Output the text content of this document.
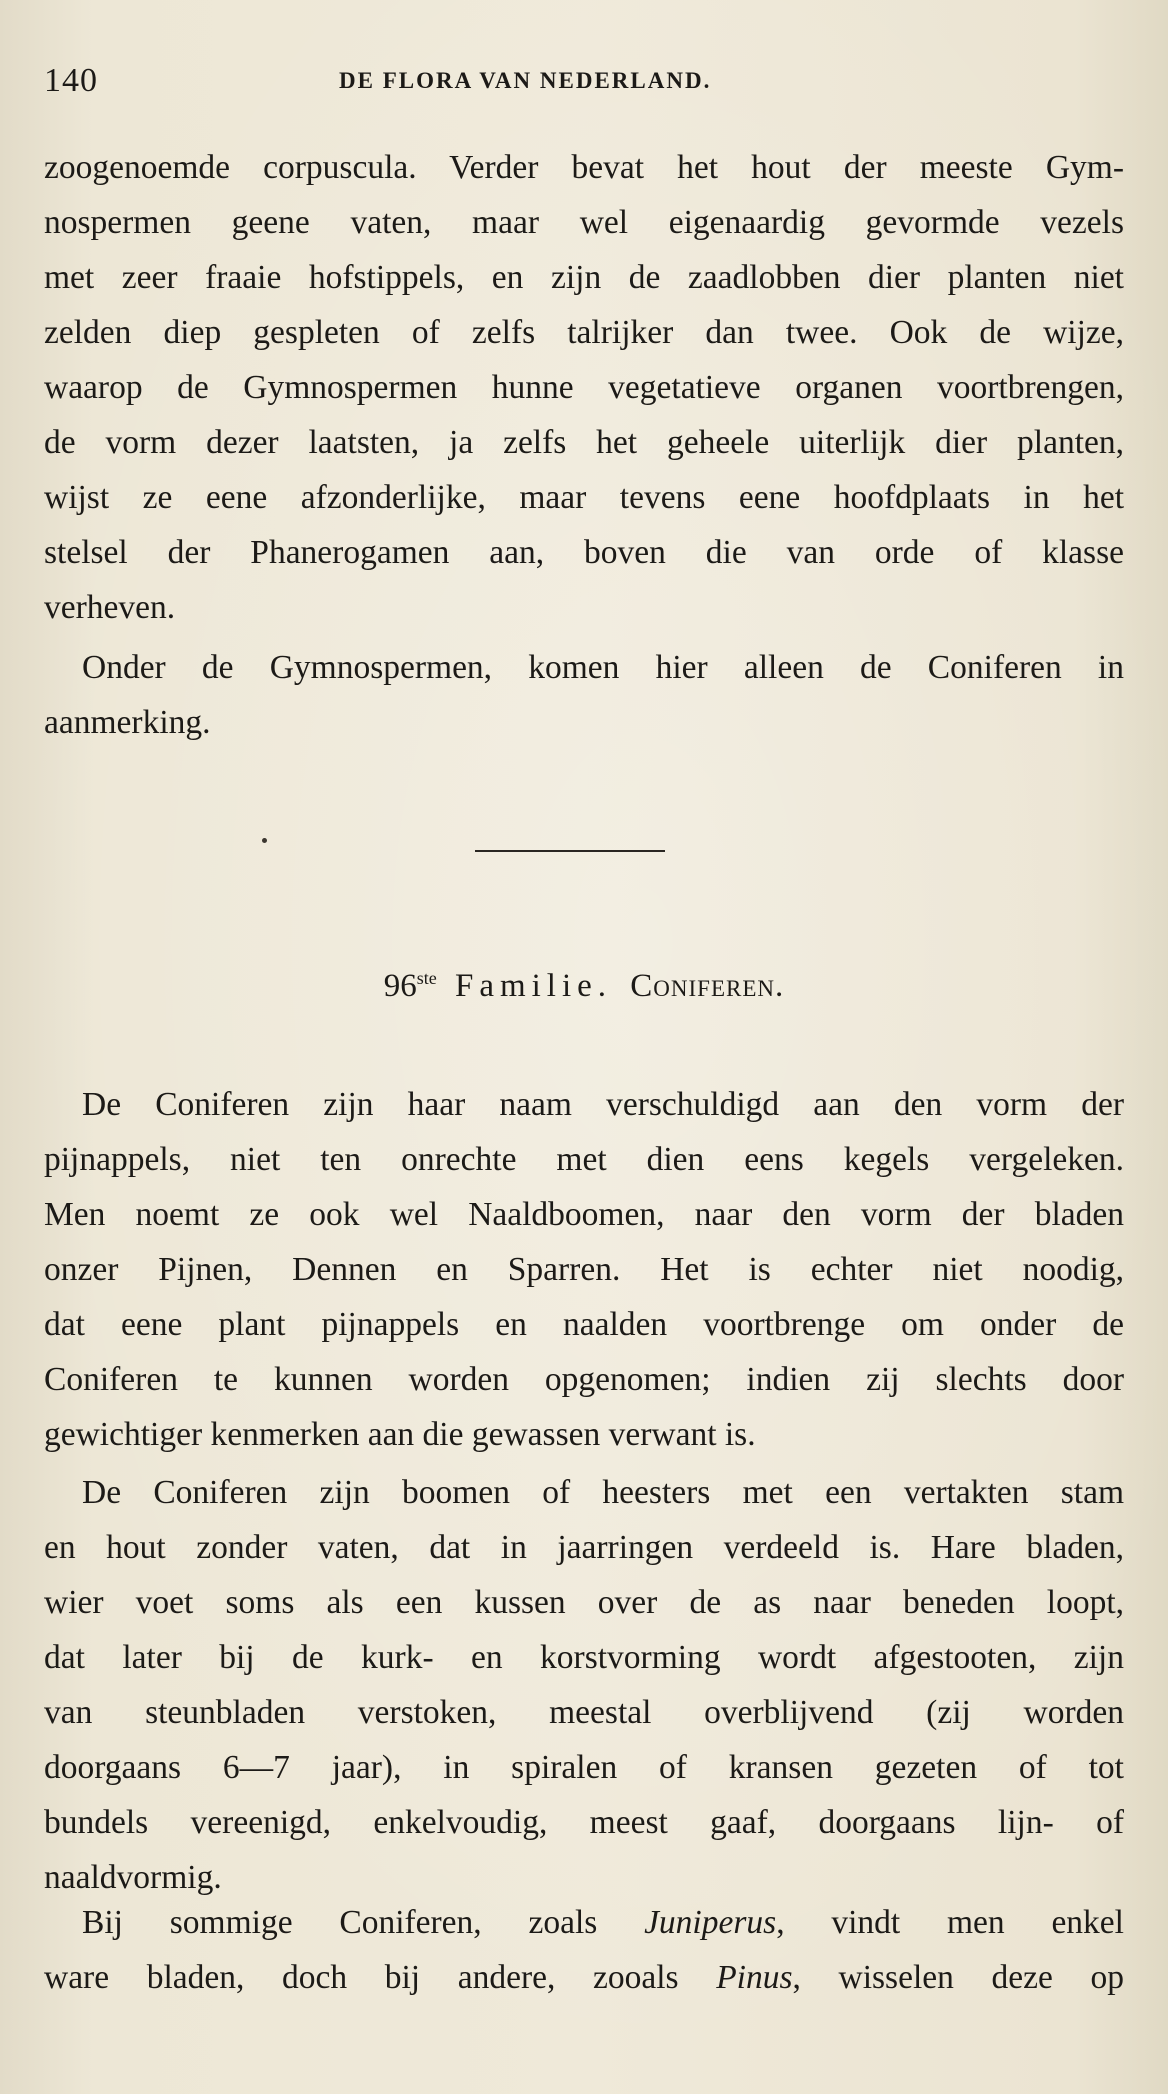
140	DE FLORA VAN NEDERLAND.
zoogenoemde corpuscula. Verder bevat het hout der meeste Gym-
nospermen geene vaten, maar wel eigenaardig gevormde vezels
met zeer fraaie hofstippels, en zijn de zaadlobben dier planten niet
zelden diep gespleten of zelfs talrijker dan twee. Ook de wijze,
waarop de Gymnospermen hunne vegetatieve organen voortbrengen,
de vorm dezer laatsten, ja zelfs het geheele uiterlijk dier planten,
wijst ze eene afzonderlijke, maar tevens eene hoofdplaats in het
stelsel der Phanerogamen aan, boven die van orde of klasse
verheven.
Onder de Gymnospermen, komen hier alleen de Coniferen in
aanmerking.
96ste Familie. Coniferen.
De Coniferen zijn haar naam verschuldigd aan den vorm der
pijnappels, niet ten onrechte met dien eens kegels vergeleken.
Men noemt ze ook wel Naaldboomen, naar den vorm der bladen
onzer Pijnen, Dennen en Sparren. Het is echter niet noodig,
dat eene plant pijnappels en naalden voortbrenge om onder de
Coniferen te kunnen worden opgenomen; indien zij slechts door
gewichtiger kenmerken aan die gewassen verwant is.
De Coniferen zijn boomen of heesters met een vertakten stam
en hout zonder vaten, dat in jaarringen verdeeld is. Hare bladen,
wier voet soms als een kussen over de as naar beneden loopt,
dat later bij de kurk- en korstvorming wordt afgestooten, zijn
van steunbladen verstoken, meestal overblijvend (zij worden
doorgaans 6—7 jaar), in spiralen of kransen gezeten of tot
bundels vereenigd, enkelvoudig, meest gaaf, doorgaans lijn- of
naaldvormig.
Bij sommige Coniferen, zoals Juniperus, vindt men enkel
ware bladen, doch bij andere, zooals Pinus, wisselen deze op
